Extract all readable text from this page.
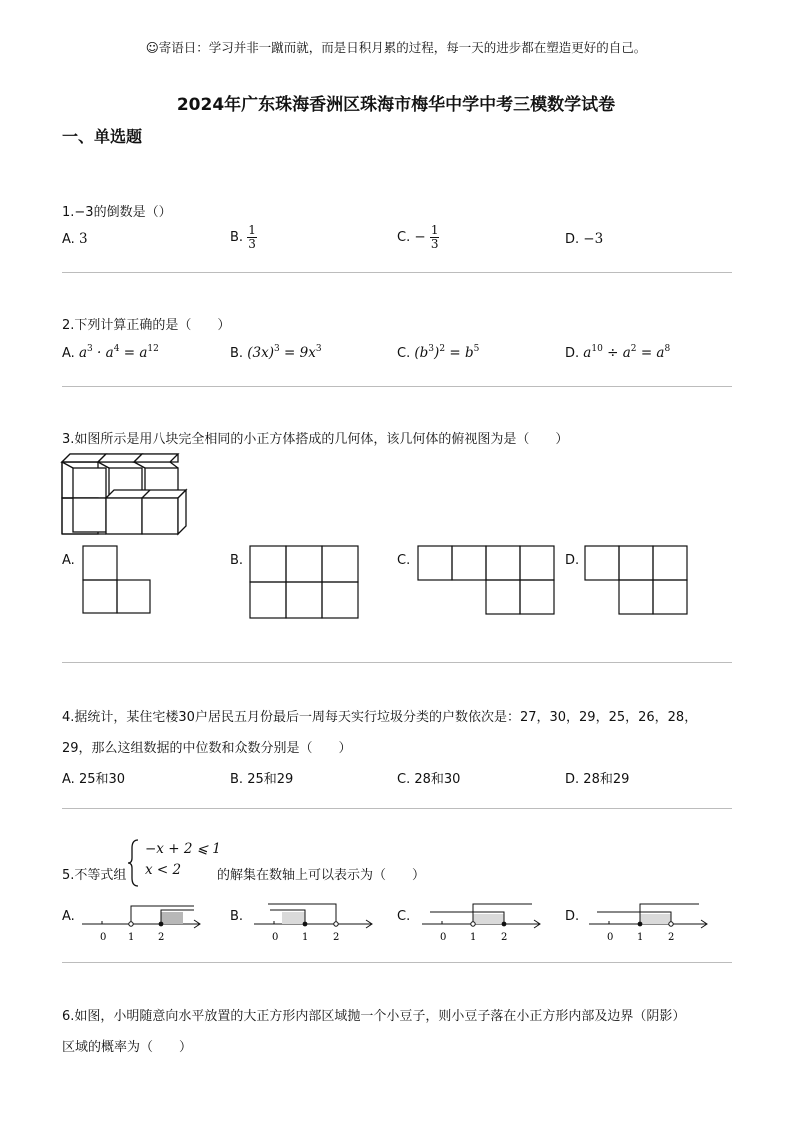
☺寄语日：学习并非一蹴而就，而是日积月累的过程，每一天的进步都在塑造更好的自己。
2024年广东珠海香洲区珠海市梅华中学中考三模数学试卷
一、单选题
1.−3的倒数是（）
A. 3	B. $\frac{1}{3}$	C. − $\frac{1}{3}$	D. −3
2.下列计算正确的是（　　）
A. $a^3 \cdot a^4 = a^{12}$	B. $(3x)^3 = 9x^3$	C. $(b^3)^2 = b^5$	D. $a^{10} \div a^2 = a^8$
3.如图所示是用八块完全相同的小正方体搭成的几何体，该几何体的俯视图为是（　　）
A.	B.	C.	D.
4.据统计，某住宅楼30户居民五月份最后一周每天实行垃圾分类的户数依次是：27，30，29，25，26，28，
29，那么这组数据的中位数和众数分别是（　　）
A. 25和30	B. 25和29	C. 28和30	D. 28和29
5.不等式组
−x + 2 ⩽ 1
x < 2	的解集在数轴上可以表示为（　　）
A.
0 1 2
B.
0 1 2
C.
0 1 2
D.
0 1 2
6.如图，小明随意向水平放置的大正方形内部区域抛一个小豆子，则小豆子落在小正方形内部及边界（阴影）
区域的概率为（　　）
